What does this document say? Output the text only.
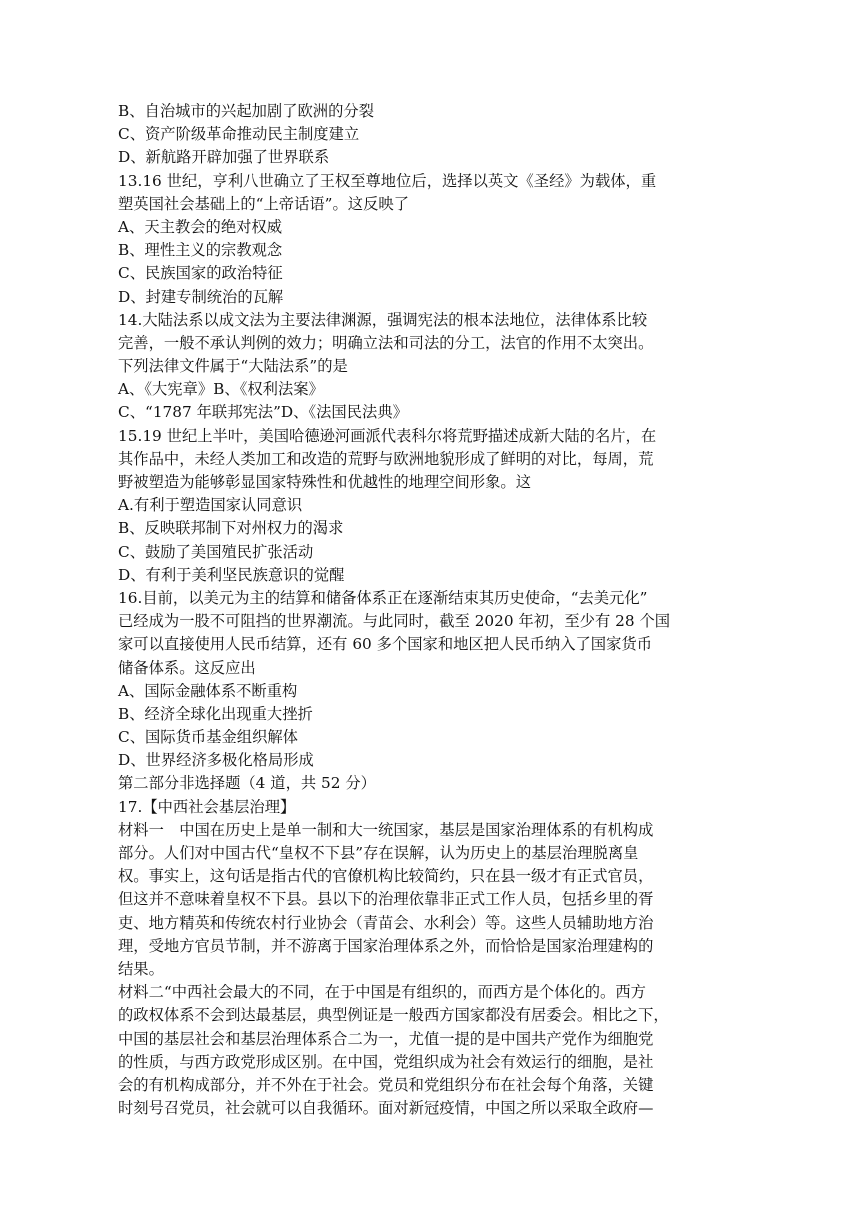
B、自治城市的兴起加剧了欧洲的分裂
C、资产阶级革命推动民主制度建立
D、新航路开辟加强了世界联系
13.16 世纪，亨利八世确立了王权至尊地位后，选择以英文《圣经》为载体，重
塑英国社会基础上的“上帝话语”。这反映了
A、天主教会的绝对权威
B、理性主义的宗教观念
C、民族国家的政治特征
D、封建专制统治的瓦解
14.大陆法系以成文法为主要法律渊源，强调宪法的根本法地位，法律体系比较
完善，一般不承认判例的效力；明确立法和司法的分工，法官的作用不太突出。
下列法律文件属于“大陆法系”的是
A、《大宪章》B、《权利法案》
C、“1787 年联邦宪法”D、《法国民法典》
15.19 世纪上半叶，美国哈德逊河画派代表科尔将荒野描述成新大陆的名片，在
其作品中，未经人类加工和改造的荒野与欧洲地貌形成了鲜明的对比，每周，荒
野被塑造为能够彰显国家特殊性和优越性的地理空间形象。这
A.有利于塑造国家认同意识
B、反映联邦制下对州权力的渴求
C、鼓励了美国殖民扩张活动
D、有利于美利坚民族意识的觉醒
16.目前，以美元为主的结算和储备体系正在逐渐结束其历史使命，“去美元化”
已经成为一股不可阻挡的世界潮流。与此同时，截至 2020 年初，至少有 28 个国
家可以直接使用人民币结算，还有 60 多个国家和地区把人民币纳入了国家货币
储备体系。这反应出
A、国际金融体系不断重构
B、经济全球化出现重大挫折
C、国际货币基金组织解体
D、世界经济多极化格局形成
第二部分非选择题（4 道，共 52 分）
17.【中西社会基层治理】
材料一　中国在历史上是单一制和大一统国家，基层是国家治理体系的有机构成
部分。人们对中国古代“皇权不下县”存在误解，认为历史上的基层治理脱离皇
权。事实上，这句话是指古代的官僚机构比较简约，只在县一级才有正式官员，
但这并不意味着皇权不下县。县以下的治理依靠非正式工作人员，包括乡里的胥
吏、地方精英和传统农村行业协会（青苗会、水利会）等。这些人员辅助地方治
理，受地方官员节制，并不游离于国家治理体系之外，而恰恰是国家治理建构的
结果。
材料二“中西社会最大的不同，在于中国是有组织的，而西方是个体化的。西方
的政权体系不会到达最基层，典型例证是一般西方国家都没有居委会。相比之下，
中国的基层社会和基层治理体系合二为一，尤值一提的是中国共产党作为细胞党
的性质，与西方政党形成区别。在中国，党组织成为社会有效运行的细胞，是社
会的有机构成部分，并不外在于社会。党员和党组织分布在社会每个角落，关键
时刻号召党员，社会就可以自我循环。面对新冠疫情，中国之所以采取全政府—
